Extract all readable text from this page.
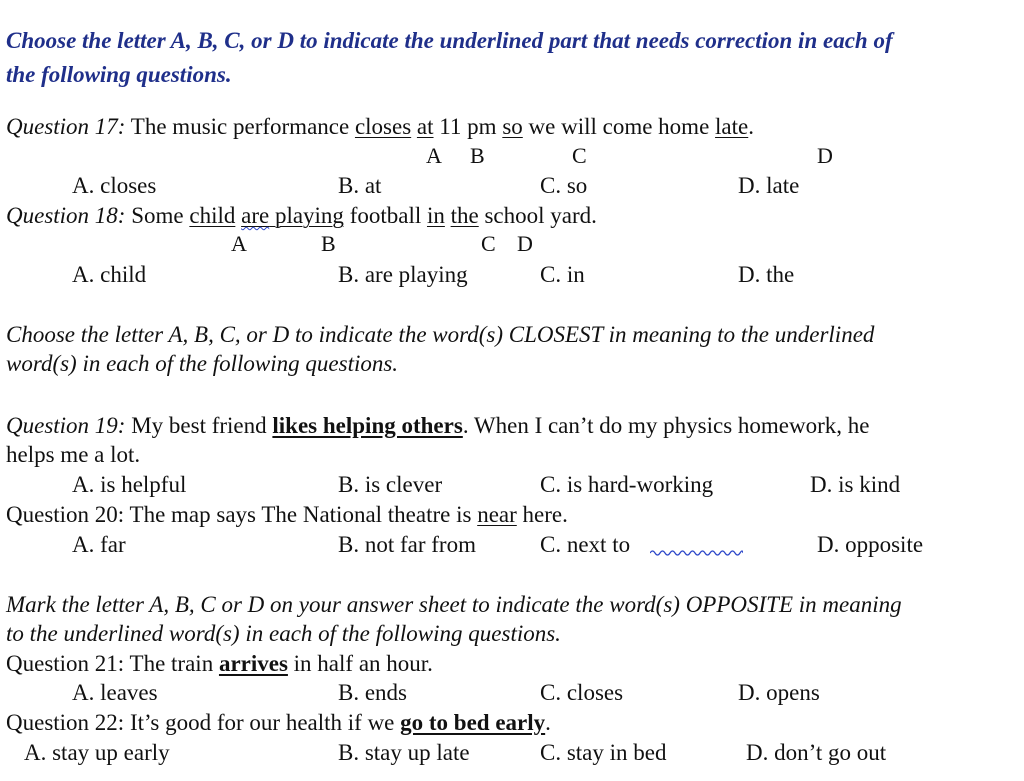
Choose the letter A, B, C, or D to indicate the underlined part that needs correction in each of
the following questions.
Question 17: The music performance closes at 11 pm so we will come home late.
A B	C	D
A. closes	B. at	C. so	D. late
Question 18: Some child are playing football in the school yard.
A	B	C D
A. child	B. are playing	C. in	D. the
Choose the letter A, B, C, or D to indicate the word(s) CLOSEST in meaning to the underlined
word(s) in each of the following questions.
Question 19: My best friend likes helping others. When I can’t do my physics homework, he
helps me a lot.
A. is helpful	B. is clever	C. is hard-working	D. is kind
Question 20: The map says The National theatre is near here.
A. far	B. not far from	C. next to	D. opposite
Mark the letter A, B, C or D on your answer sheet to indicate the word(s) OPPOSITE in meaning
to the underlined word(s) in each of the following questions.
Question 21: The train arrives in half an hour.
A. leaves	B. ends	C. closes	D. opens
Question 22: It’s good for our health if we go to bed early.
A. stay up early	B. stay up late	C. stay in bed	D. don’t go out
